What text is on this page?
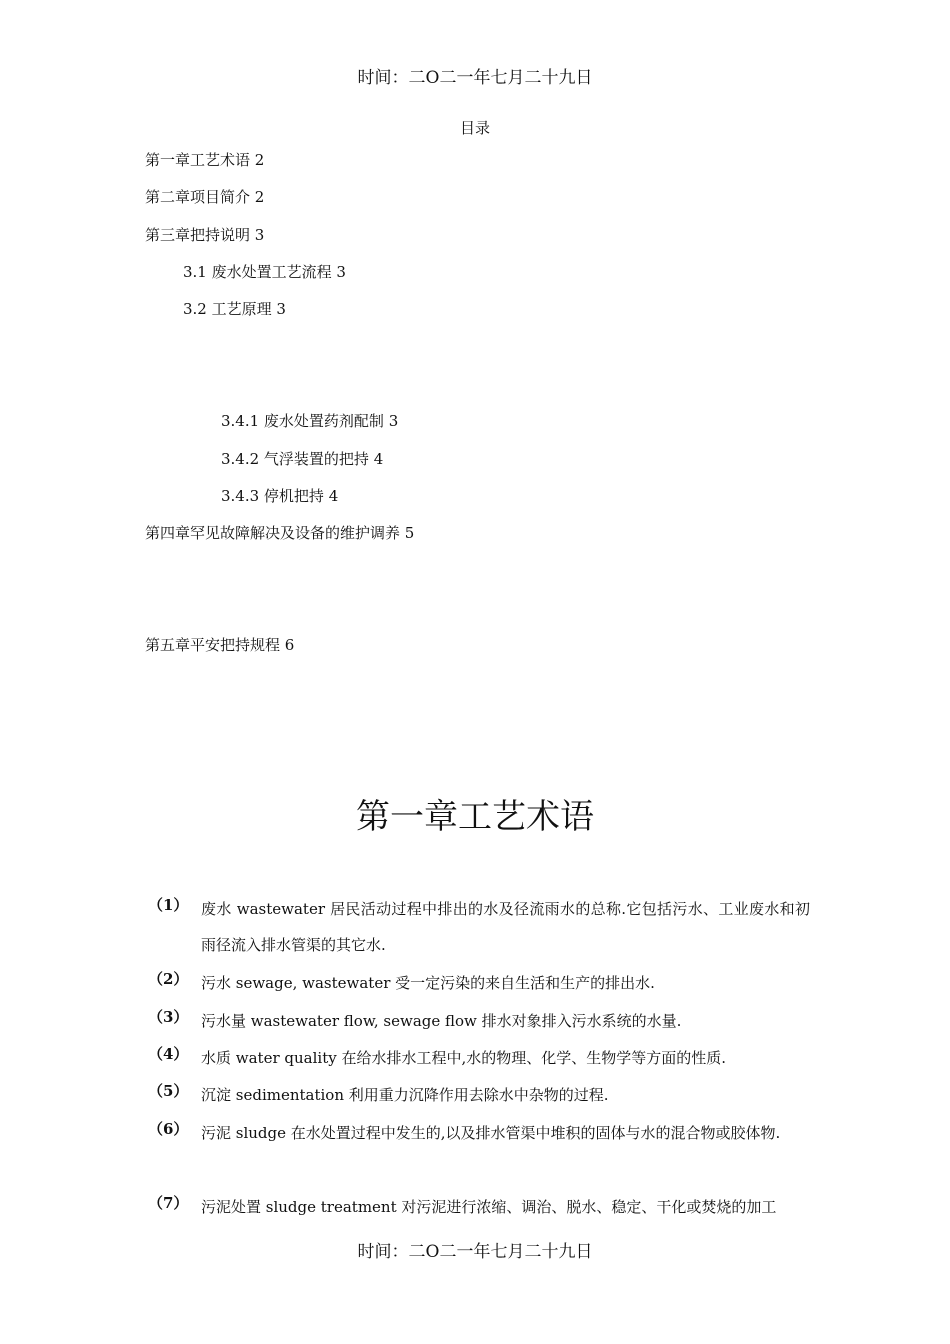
时间：二O二一年七月二十九日
目录
第一章工艺术语 2
第二章项目简介 2
第三章把持说明 3
3.1 废水处置工艺流程 3
3.2 工艺原理 3
3.4.1 废水处置药剂配制 3
3.4.2 气浮装置的把持 4
3.4.3 停机把持 4
第四章罕见故障解决及设备的维护调养 5
第五章平安把持规程 6
第一章工艺术语
（1） 废水 wastewater 居民活动过程中排出的水及径流雨水的总称.它包括污水、工业废水和初雨径流入排水管渠的其它水.
（2） 污水 sewage, wastewater 受一定污染的来自生活和生产的排出水.
（3） 污水量 wastewater flow, sewage flow 排水对象排入污水系统的水量.
（4） 水质 water quality 在给水排水工程中,水的物理、化学、生物学等方面的性质.
（5） 沉淀 sedimentation 利用重力沉降作用去除水中杂物的过程.
（6） 污泥 sludge 在水处置过程中发生的,以及排水管渠中堆积的固体与水的混合物或胶体物.
（7） 污泥处置 sludge treatment 对污泥进行浓缩、调治、脱水、稳定、干化或焚烧的加工
时间：二O二一年七月二十九日
